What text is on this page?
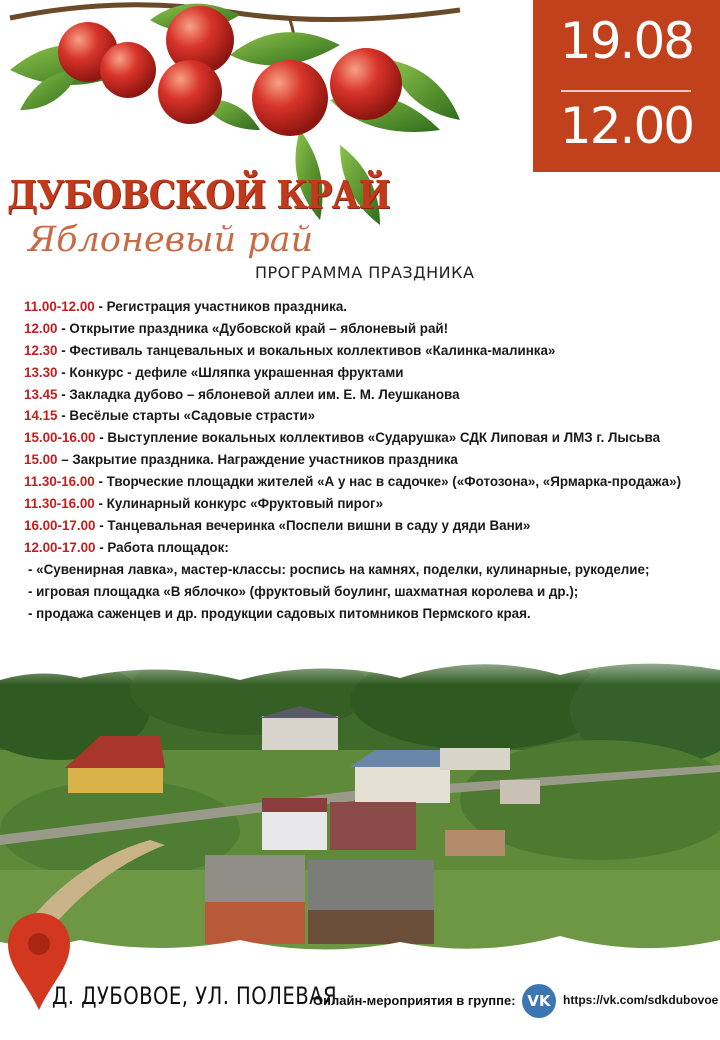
19.08
12.00
ДУБОВСКОЙ КРАЙ
Яблоневый рай
ПРОГРАММА ПРАЗДНИКА
11.00-12.00 - Регистрация участников праздника.
12.00 - Открытие праздника «Дубовской край – яблоневый рай!
12.30 - Фестиваль танцевальных и вокальных коллективов «Калинка-малинка»
13.30 - Конкурс - дефиле «Шляпка украшенная фруктами
13.45 - Закладка дубово – яблоневой аллеи им. Е. М. Леушканова
14.15 - Весёлые старты «Садовые страсти»
15.00-16.00 - Выступление вокальных коллективов «Сударушка» СДК Липовая и ЛМЗ г. Лысьва
15.00 – Закрытие праздника. Награждение участников праздника
11.30-16.00 - Творческие площадки жителей «А у нас в садочке» («Фотозона», «Ярмарка-продажа»)
11.30-16.00 - Кулинарный конкурс «Фруктовый пирог»
16.00-17.00 - Танцевальная вечеринка «Поспели вишни в саду у дяди Вани»
12.00-17.00 - Работа площадок:
- «Сувенирная лавка», мастер-классы: роспись на камнях, поделки, кулинарные, рукоделие;
- игровая площадка «В яблочко» (фруктовый боулинг, шахматная королева и др.);
- продажа саженцев и др. продукции садовых питомников Пермского края.
Д. ДУБОВОЕ, УЛ. ПОЛЕВАЯ
Онлайн-мероприятия в группе: VK	https://vk.com/sdkdubovoe
